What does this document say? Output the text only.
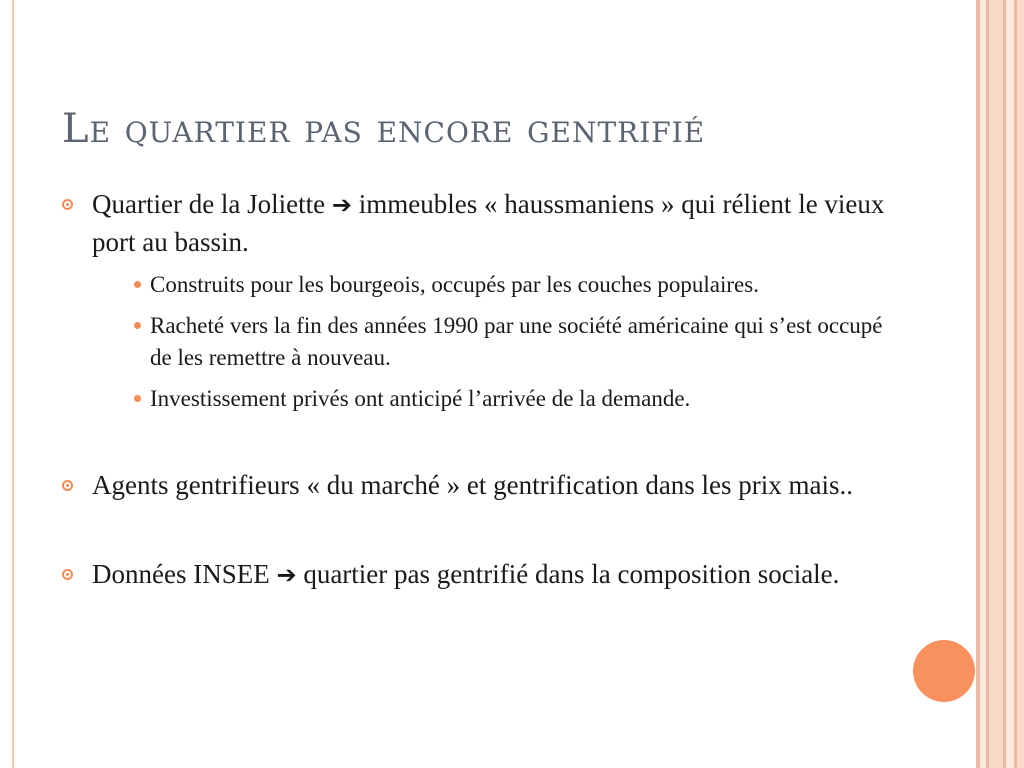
Le quartier pas encore gentrifié
Quartier de la Joliette ➔ immeubles « haussmaniens » qui rélient le vieux port au bassin.
Construits pour les bourgeois, occupés par les couches populaires.
Racheté vers la fin des années 1990 par une société américaine qui s’est occupé de les remettre à nouveau.
Investissement privés ont anticipé l’arrivée de la demande.
Agents gentrifieurs « du marché » et gentrification dans les prix mais..
Données INSEE ➔ quartier pas gentrifié dans la composition sociale.
